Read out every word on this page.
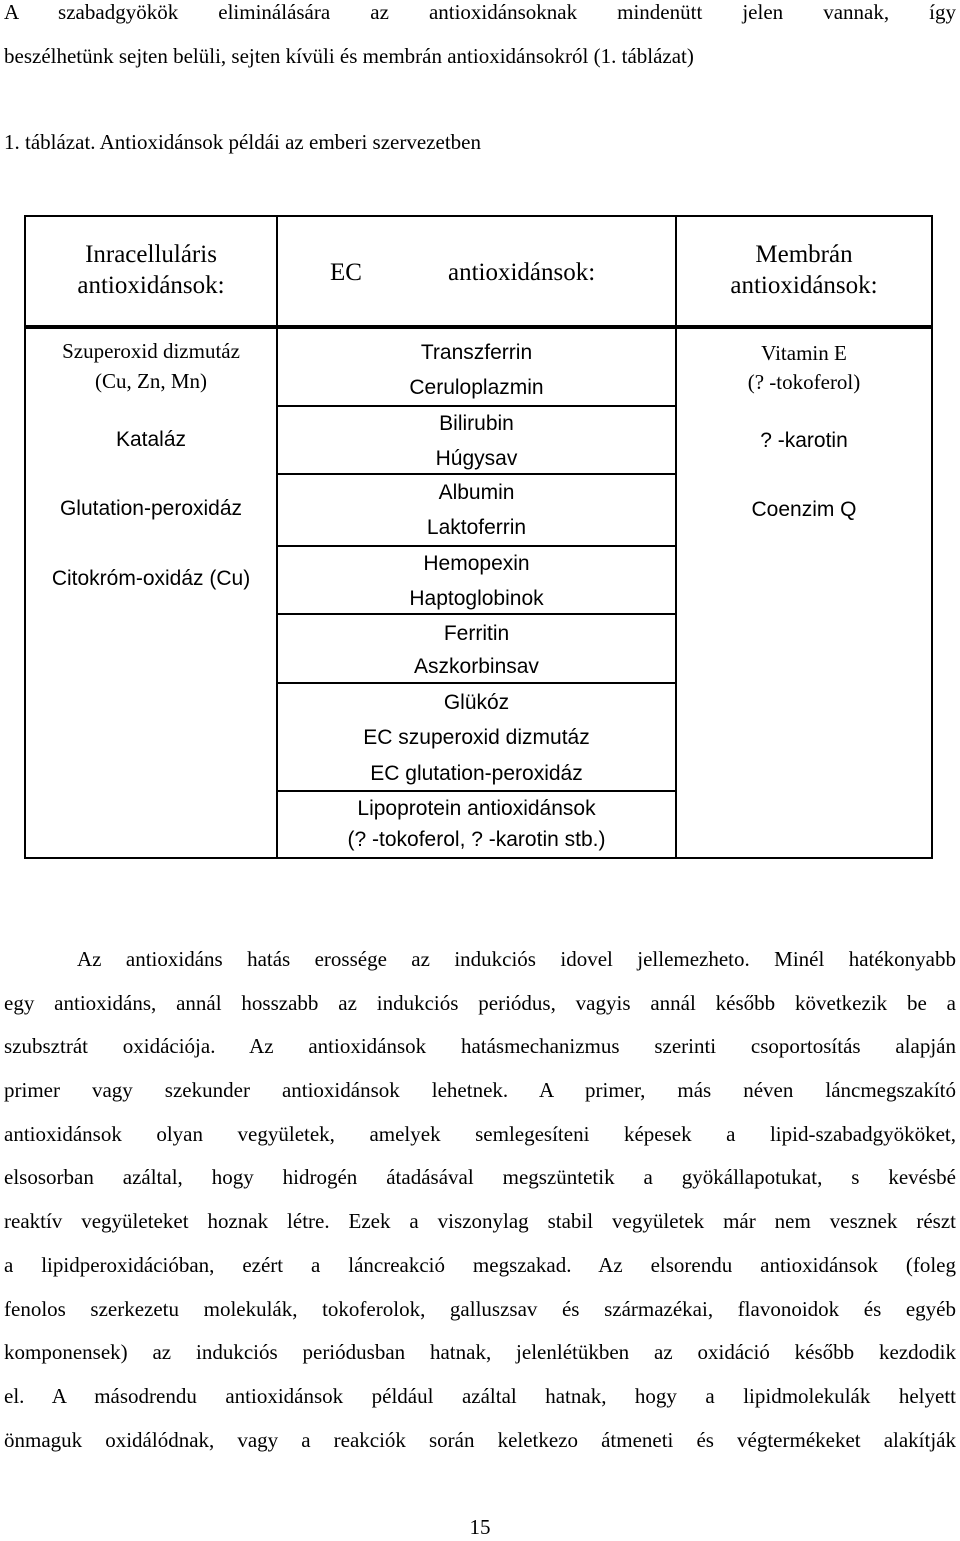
A szabadgyökök eliminálására az antioxidánsoknak mindenütt jelen vannak, így
beszélhetünk sejten belüli, sejten kívüli és membrán antioxidánsokról (1. táblázat)
1. táblázat. Antioxidánsok példái az emberi szervezetben
Inracelluláris
antioxidánsok:	EC	antioxidánsok:
Membrán
antioxidánsok:
Szuperoxid dizmutáz
(Cu, Zn, Mn)
Kataláz
Glutation-peroxidáz
Citokróm-oxidáz (Cu)
Transzferrin
Ceruloplazmin
Bilirubin
Húgysav
Albumin
Laktoferrin
Hemopexin
Haptoglobinok
Ferritin
Aszkorbinsav
Glükóz
EC szuperoxid dizmutáz
EC glutation-peroxidáz
Lipoprotein antioxidánsok
(? -tokoferol, ? -karotin stb.)
Vitamin E
(? -tokoferol)
? -karotin
Coenzim Q
Az antioxidáns hatás erossége az indukciós idovel jellemezheto. Minél hatékonyabb
egy antioxidáns, annál hosszabb az indukciós periódus, vagyis annál később következik be a
szubsztrát oxidációja. Az antioxidánsok hatásmechanizmus szerinti csoportosítás alapján
primer vagy szekunder antioxidánsok lehetnek. A primer, más néven láncmegszakító
antioxidánsok olyan vegyületek, amelyek semlegesíteni képesek a lipid-szabadgyököket,
elsosorban azáltal, hogy hidrogén átadásával megszüntetik a gyökállapotukat, s kevésbé
reaktív vegyületeket hoznak létre. Ezek a viszonylag stabil vegyületek már nem vesznek részt
a lipidperoxidációban, ezért a láncreakció megszakad. Az elsorendu antioxidánsok (foleg
fenolos szerkezetu molekulák, tokoferolok, galluszsav és származékai, flavonoidok és egyéb
komponensek) az indukciós periódusban hatnak, jelenlétükben az oxidáció később kezdodik
el. A másodrendu antioxidánsok például azáltal hatnak, hogy a lipidmolekulák helyett
önmaguk oxidálódnak, vagy a reakciók során keletkezo átmeneti és végtermékeket alakítják
15
